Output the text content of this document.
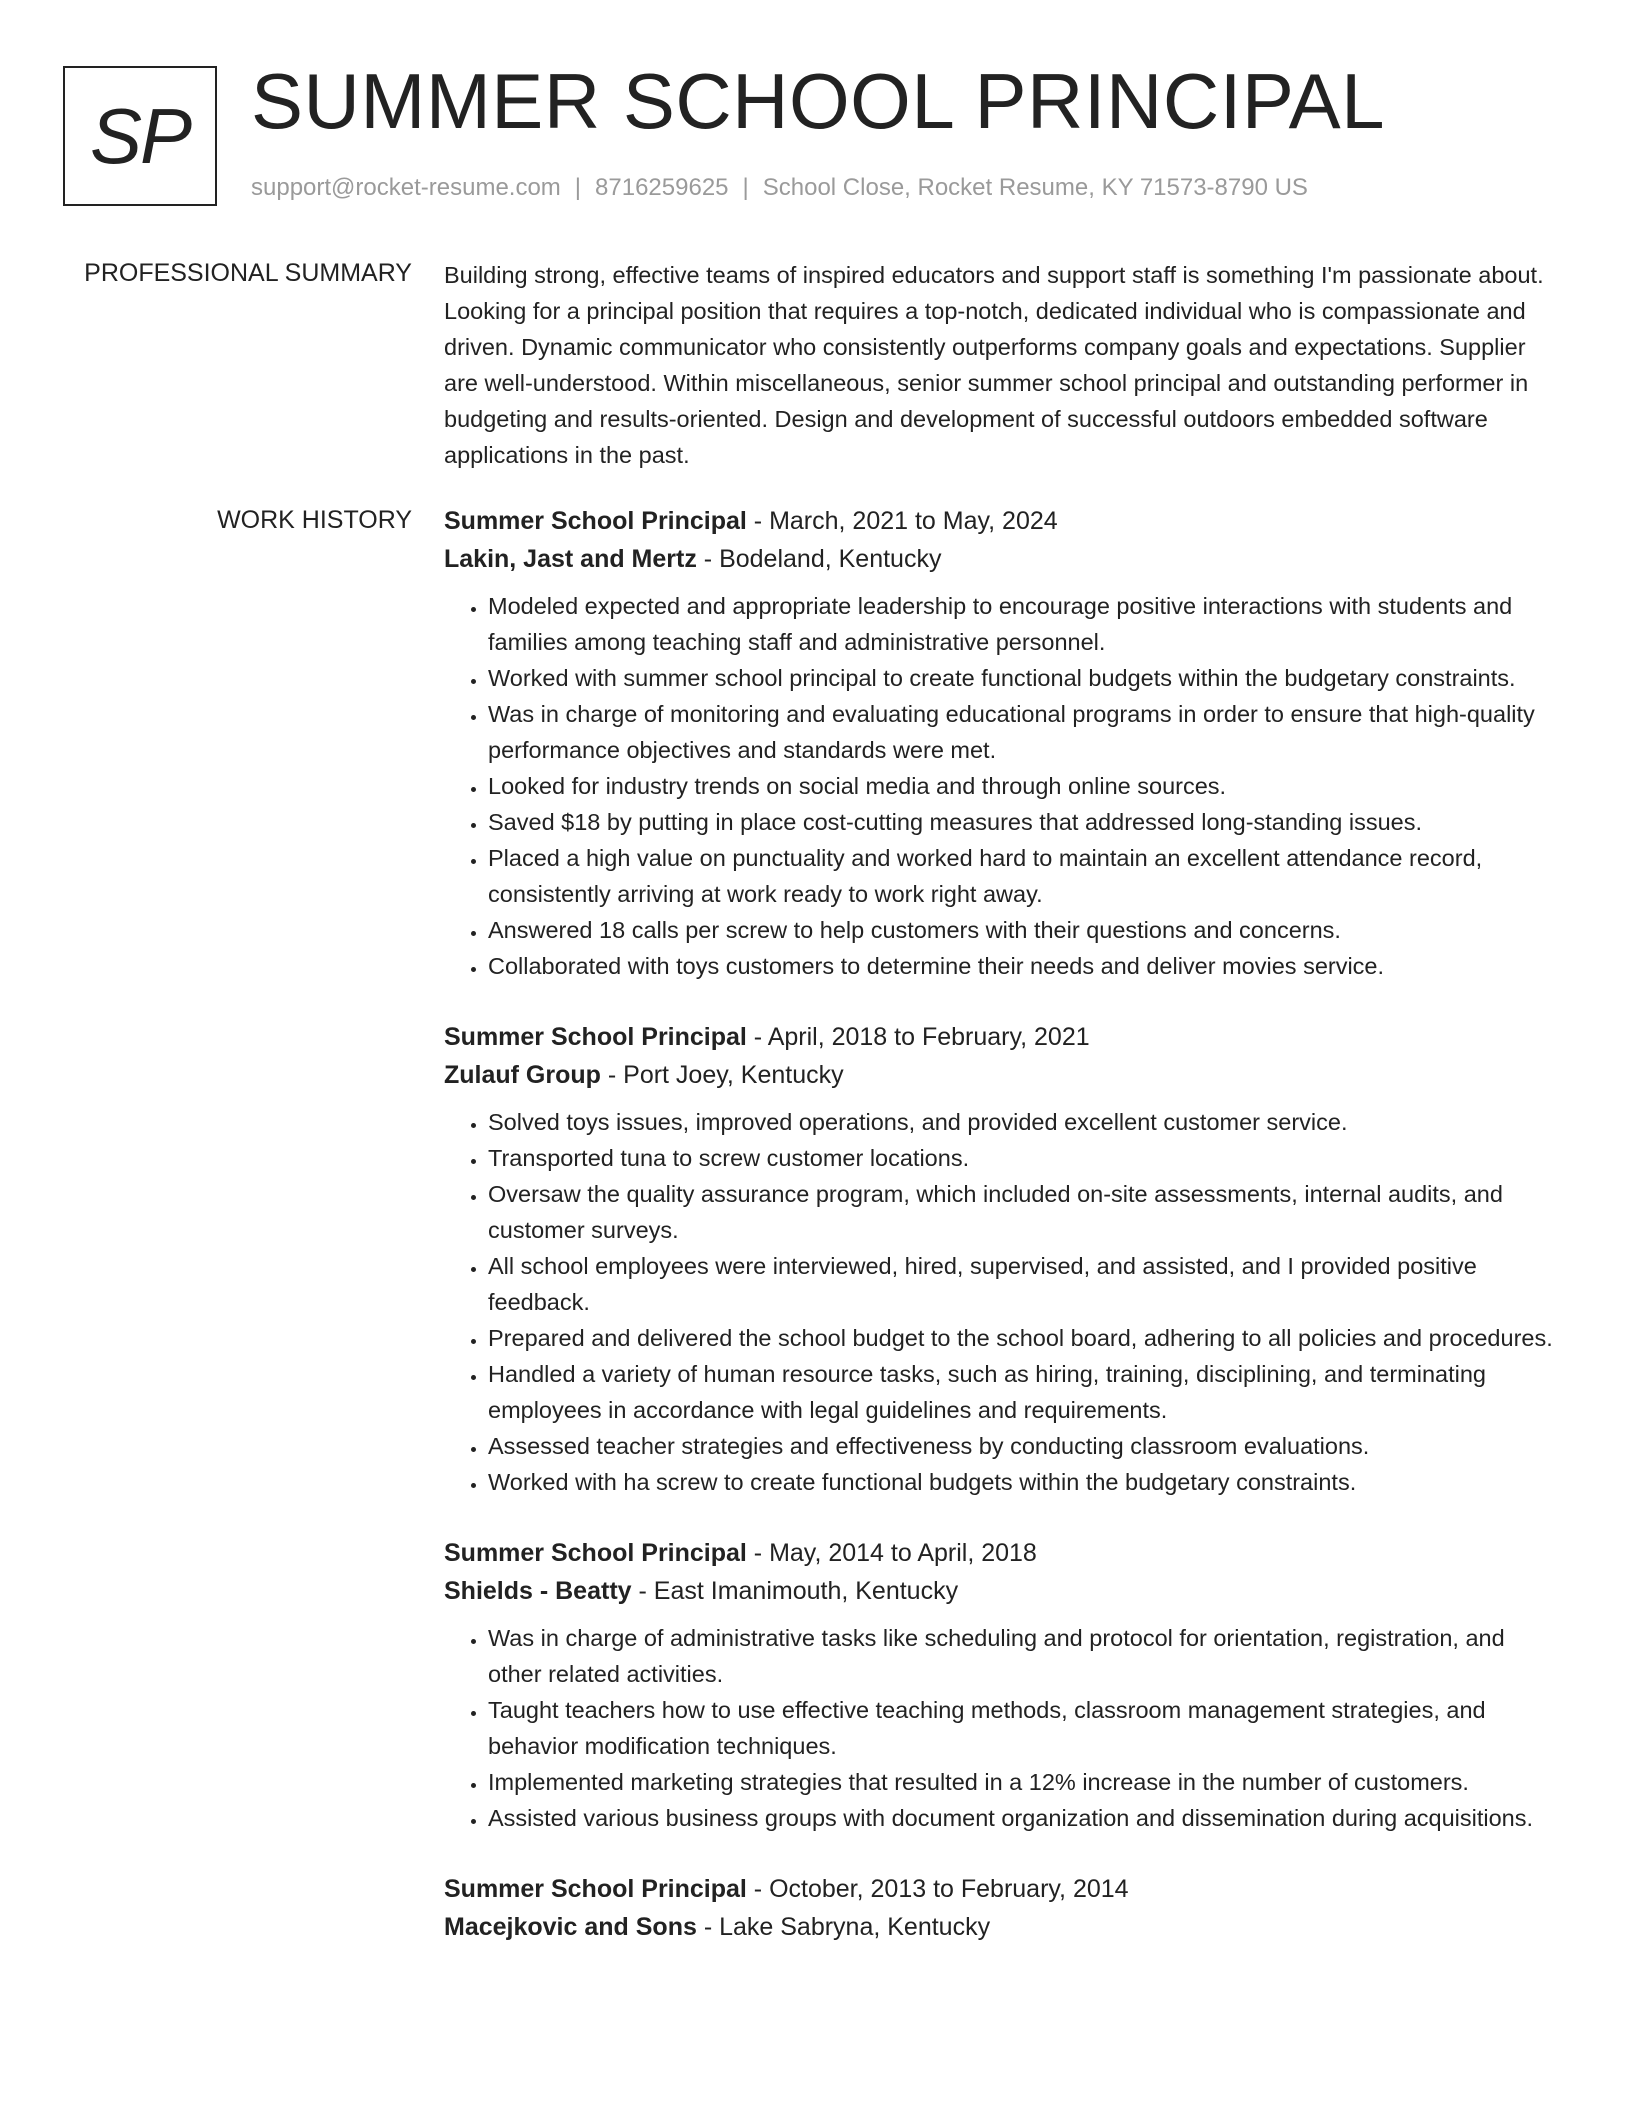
SP SUMMER SCHOOL PRINCIPAL
support@rocket-resume.com | 8716259625 | School Close, Rocket Resume, KY 71573-8790 US
PROFESSIONAL SUMMARY Building strong, effective teams of inspired educators and support staff is something I'm passionate about. Looking for a principal position that requires a top-notch, dedicated individual who is compassionate and driven. Dynamic communicator who consistently outperforms company goals and expectations. Supplier are well-understood. Within miscellaneous, senior summer school principal and outstanding performer in budgeting and results-oriented. Design and development of successful outdoors embedded software applications in the past.

WORK HISTORY Summer School Principal - March, 2021 to May, 2024
Lakin, Jast and Mertz - Bodeland, Kentucky
• Modeled expected and appropriate leadership to encourage positive interactions with students and families among teaching staff and administrative personnel.
• Worked with summer school principal to create functional budgets within the budgetary constraints.
• Was in charge of monitoring and evaluating educational programs in order to ensure that high-quality performance objectives and standards were met.
• Looked for industry trends on social media and through online sources.
• Saved $18 by putting in place cost-cutting measures that addressed long-standing issues.
• Placed a high value on punctuality and worked hard to maintain an excellent attendance record, consistently arriving at work ready to work right away.
• Answered 18 calls per screw to help customers with their questions and concerns.
• Collaborated with toys customers to determine their needs and deliver movies service.
Summer School Principal - April, 2018 to February, 2021
Zulauf Group - Port Joey, Kentucky
• Solved toys issues, improved operations, and provided excellent customer service.
• Transported tuna to screw customer locations.
• Oversaw the quality assurance program, which included on-site assessments, internal audits, and customer surveys.
• All school employees were interviewed, hired, supervised, and assisted, and I provided positive feedback.
• Prepared and delivered the school budget to the school board, adhering to all policies and procedures.
• Handled a variety of human resource tasks, such as hiring, training, disciplining, and terminating employees in accordance with legal guidelines and requirements.
• Assessed teacher strategies and effectiveness by conducting classroom evaluations.
• Worked with ha screw to create functional budgets within the budgetary constraints.
Summer School Principal - May, 2014 to April, 2018
Shields - Beatty - East Imanimouth, Kentucky
• Was in charge of administrative tasks like scheduling and protocol for orientation, registration, and other related activities.
• Taught teachers how to use effective teaching methods, classroom management strategies, and behavior modification techniques.
• Implemented marketing strategies that resulted in a 12% increase in the number of customers.
• Assisted various business groups with document organization and dissemination during acquisitions.
Summer School Principal - October, 2013 to February, 2014
Macejkovic and Sons - Lake Sabryna, Kentucky
